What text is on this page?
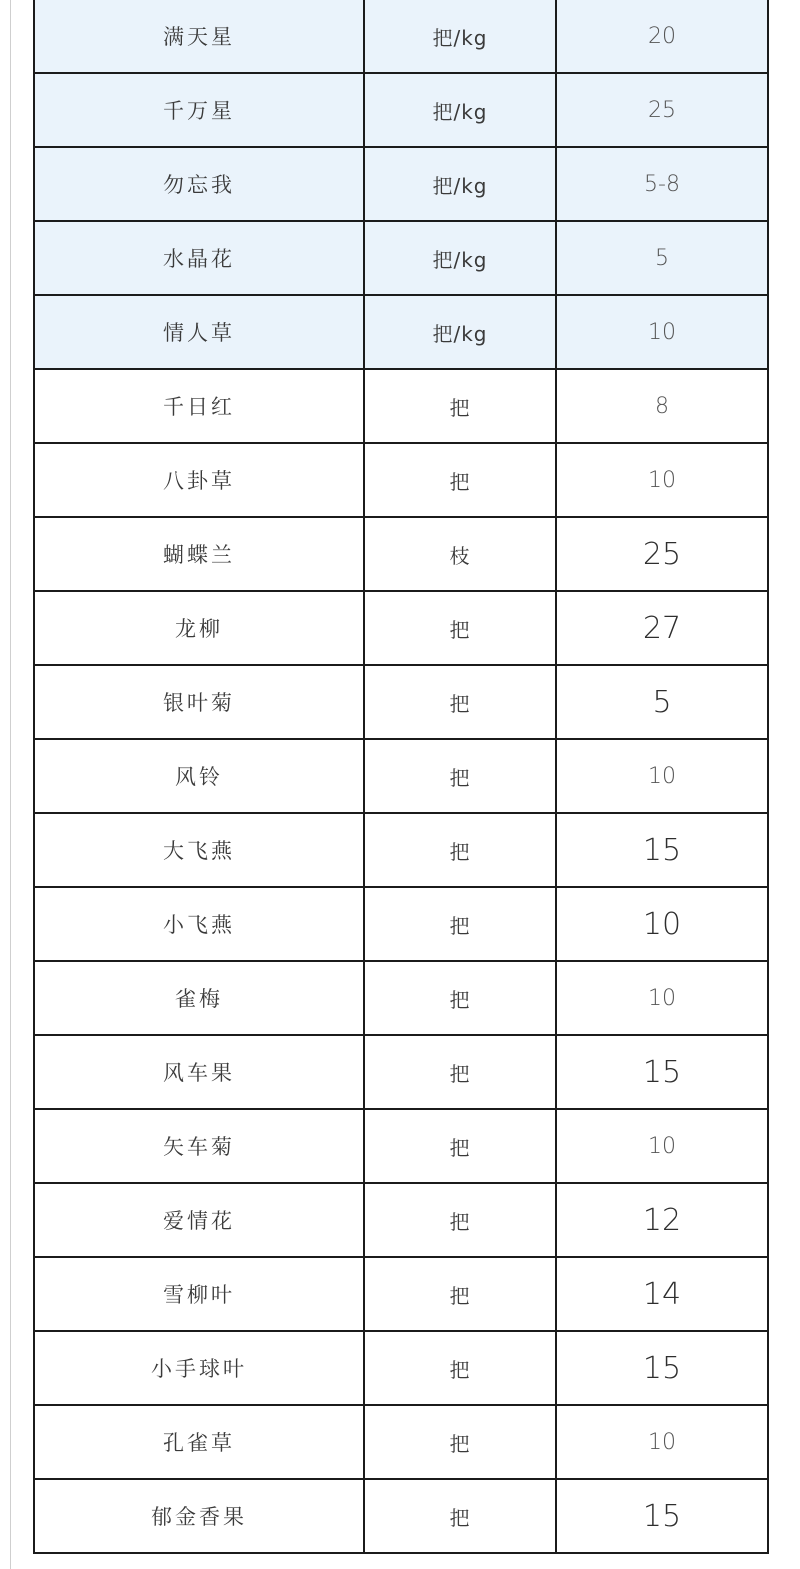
满天星	把/kg	20
千万星	把/kg	25
勿忘我	把/kg	5-8
水晶花	把/kg	5
情人草	把/kg	10
千日红	把	8
八卦草	把	10
蝴蝶兰	枝	25
龙柳	把	27
银叶菊	把	5
风铃	把	10
大飞燕	把	15
小飞燕	把	10
雀梅	把	10
风车果	把	15
矢车菊	把	10
爱情花	把	12
雪柳叶	把	14
小手球叶	把	15
孔雀草	把	10
郁金香果	把	15
